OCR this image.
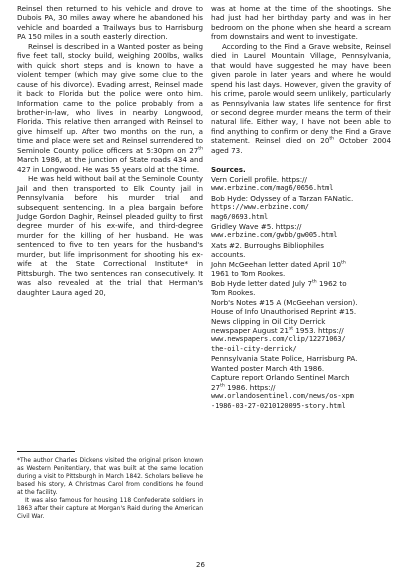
Reinsel then returned to his vehicle and drove to Dubois PA, 30 miles away where he abandoned his vehicle and boarded a Trailways bus to Harrisburg PA 150 miles in a south easterly direction.

Reinsel is described in a Wanted poster as being five feet tall, stocky build, weighing 200lbs, walks with quick short steps and is known to have a violent temper (which may give some clue to the cause of his divorce). Evading arrest, Reinsel made it back to Florida but the police were onto him. Information came to the police probably from a brother-in-law, who lives in nearby Longwood, Florida. This relative then arranged with Reinsel to give himself up. After two months on the run, a time and place were set and Reinsel surrendered to Seminole County police officers at 5:30pm on 27th March 1986, at the junction of State roads 434 and 427 in Longwood. He was 55 years old at the time.

He was held without bail at the Seminole County Jail and then transported to Elk County jail in Pennsylvania before his murder trial and subsequent sentencing. In a plea bargain before Judge Gordon Daghir, Reinsel pleaded guilty to first degree murder of his ex-wife, and third-degree murder for the killing of her husband. He was sentenced to five to ten years for the husband's murder, but life imprisonment for shooting his ex-wife at the State Correctional Institute* in Pittsburgh. The two sentences ran consecutively. It was also revealed at the trial that Herman's daughter Laura aged 20,

*The author Charles Dickens visited the original prison known as Western Penitentiary, that was built at the same location during a visit to Pittsburgh in March 1842. Scholars believe he based his story, A Christmas Carol from conditions he found at the facility.

It was also famous for housing 118 Confederate soldiers in 1863 after their capture at Morgan's Raid during the American Civil War.

was at home at the time of the shootings. She had just had her birthday party and was in her bedroom on the phone when she heard a scream from downstairs and went to investigate.

According to the Find a Grave website, Reinsel died in Laurel Mountain Village, Pennsylvania, that would have suggested he may have been given parole in later years and where he would spend his last days. However, given the gravity of his crime, parole would seem unlikely, particularly as Pennsylvania law states life sentence for first or second degree murder means the term of their natural life. Either way, I have not been able to find anything to confirm or deny the Find a Grave statement. Reinsel died on 20th October 2004 aged 73.

Sources.

Vern Coriell profile. https://
www.erbzine.com/mag6/0656.html
Bob Hyde: Odyssey of a Tarzan FANatic.
https://www.erbzine.com/
mag6/0693.html
Gridley Wave #5. https://
www.erbzine.com/gwbb/gw005.html
Xats #2. Burroughs Bibliophiles
accounts.
John McGeehan letter dated April 10th
1961 to Tom Rookes.
Bob Hyde letter dated July 7th 1962 to
Tom Rookes.
Norb's Notes #15 A (McGeehan version).
House of Info Unauthorised Reprint #15.
News clipping in Oil City Derrick
newspaper August 21st 1953. https://
www.newspapers.com/clip/12271063/
the-oil-city-derrick/
Pennsylvania State Police, Harrisburg PA.
Wanted poster March 4th 1986.
Capture report Orlando Sentinel March
27th 1986. https://
www.orlandosentinel.com/news/os-xpm
-1986-03-27-0210120095-story.html
26
